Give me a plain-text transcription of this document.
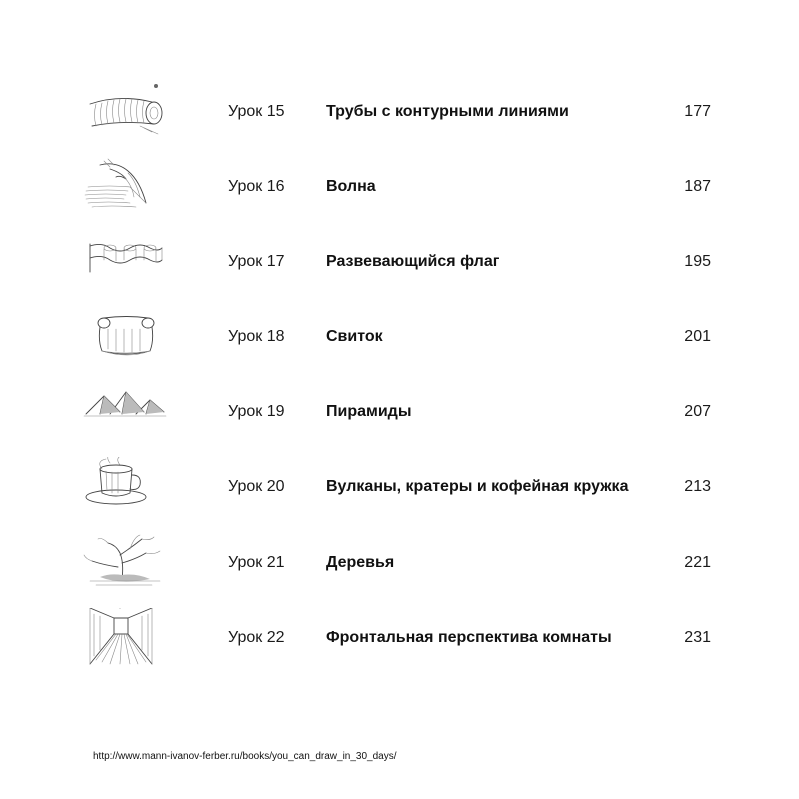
Урок 15	Трубы с контурными линиями	177
Урок 16	Волна	187
Урок 17	Развевающийся флаг	195
Урок 18	Свиток	201
Урок 19	Пирамиды	207
Урок 20	Вулканы, кратеры и кофейная кружка	213
Урок 21	Деревья	221
Урок 22	Фронтальная перспектива комнаты	231
http://www.mann-ivanov-ferber.ru/books/you_can_draw_in_30_days/
